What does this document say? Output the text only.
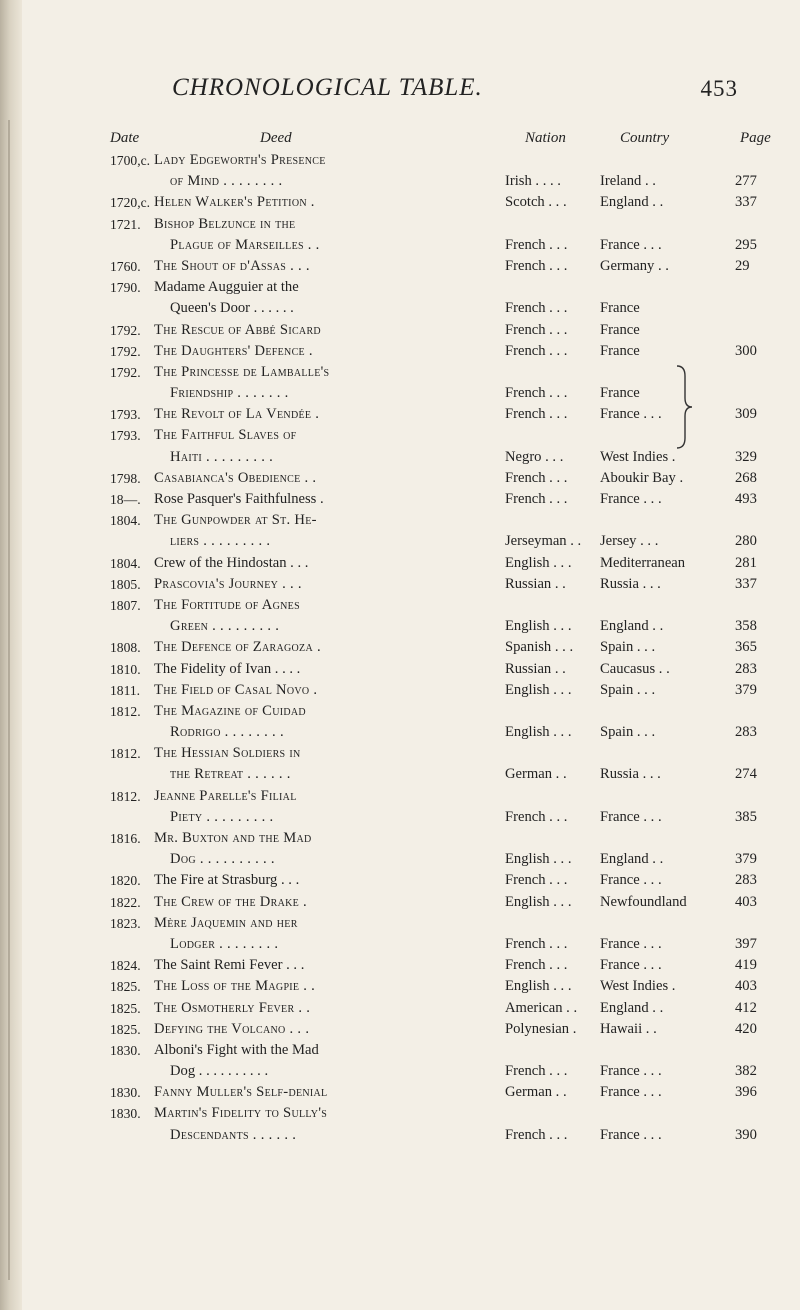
CHRONOLOGICAL TABLE.	453
Date	Deed	Nation	Country	Page
1700,c. Lady Edgeworth's Presence
of Mind . . . . . . . .	Irish . . . .	Ireland . .	277
1720,c. Helen Walker's Petition .	Scotch . . .	England . .	337
1721. Bishop Belzunce in the
Plague of Marseilles . .	French . . .	France . . .	295
1760. The Shout of d'Assas . . .	French . . .	Germany . .	29
1790. Madame Augguier at the
Queen's Door . . . . . .	French . . .	France
1792. The Rescue of Abbé Sicard	French . . .	France
1792. The Daughters' Defence .	French . . .	France	300
1792. The Princesse de Lamballe's
Friendship . . . . . . .	French . . .	France
1793. The Revolt of La Vendée .	French . . .	France . . .	309
1793. The Faithful Slaves of
Haiti . . . . . . . . .	Negro . . .	West Indies .	329
1798. Casabianca's Obedience . .	French . . .	Aboukir Bay .	268
18—. Rose Pasquer's Faithfulness .	French . . .	France . . .	493
1804. The Gunpowder at St. He-
liers . . . . . . . . .	Jerseyman . .	Jersey . . .	280
1804. Crew of the Hindostan . . .	English . . .	Mediterranean	281
1805. Prascovia's Journey . . .	Russian . .	Russia . . .	337
1807. The Fortitude of Agnes
Green . . . . . . . . .	English . . .	England . .	358
1808. The Defence of Zaragoza .	Spanish . . .	Spain . . .	365
1810. The Fidelity of Ivan . . . .	Russian . .	Caucasus . .	283
1811. The Field of Casal Novo .	English . . .	Spain . . .	379
1812. The Magazine of Cuidad
Rodrigo . . . . . . . .	English . . .	Spain . . .	283
1812. The Hessian Soldiers in
the Retreat . . . . . .	German . .	Russia . . .	274
1812. Jeanne Parelle's Filial
Piety . . . . . . . . .	French . . .	France . . .	385
1816. Mr. Buxton and the Mad
Dog . . . . . . . . . .	English . . .	England . .	379
1820. The Fire at Strasburg . . .	French . . .	France . . .	283
1822. The Crew of the Drake .	English . . .	Newfoundland	403
1823. Mère Jaquemin and her
Lodger . . . . . . . .	French . . .	France . . .	397
1824. The Saint Remi Fever . . .	French . . .	France . . .	419
1825. The Loss of the Magpie . .	English . . .	West Indies .	403
1825. The Osmotherly Fever . .	American . .	England . .	412
1825. Defying the Volcano . . .	Polynesian .	Hawaii . .	420
1830. Alboni's Fight with the Mad
Dog . . . . . . . . . .	French . . .	France . . .	382
1830. Fanny Muller's Self-denial	German . .	France . . .	396
1830. Martin's Fidelity to Sully's
Descendants . . . . . .	French . . .	France . . .	390
